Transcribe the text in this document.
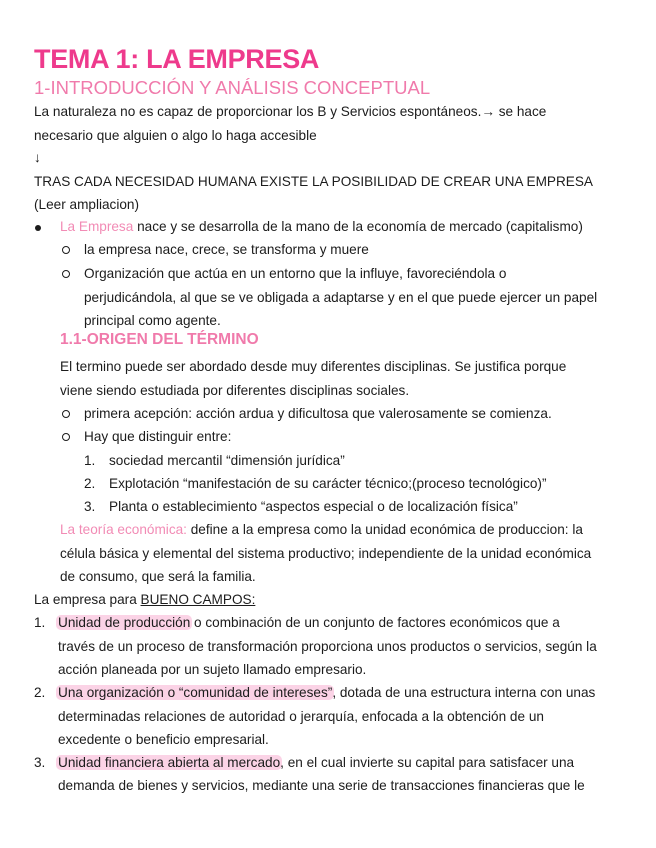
TEMA 1: LA EMPRESA
1-INTRODUCCIÓN Y ANÁLISIS CONCEPTUAL
La naturaleza no es capaz de proporcionar los B y Servicios espontáneos.→ se hace
necesario que alguien o algo lo haga accesible
↓
TRAS CADA NECESIDAD HUMANA EXISTE LA POSIBILIDAD DE CREAR UNA EMPRESA
(Leer ampliacion)
La Empresa nace y se desarrolla de la mano de la economía de mercado (capitalismo)
la empresa nace, crece, se transforma y muere
Organización que actúa en un entorno que la influye, favoreciéndola o
perjudicándola, al que se ve obligada a adaptarse y en el que puede ejercer un papel
principal como agente.
1.1-ORIGEN DEL TÉRMINO
El termino puede ser abordado desde muy diferentes disciplinas. Se justifica porque
viene siendo estudiada por diferentes disciplinas sociales.
primera acepción: acción ardua y dificultosa que valerosamente se comienza.
Hay que distinguir entre:
1. sociedad mercantil “dimensión jurídica”
2. Explotación “manifestación de su carácter técnico;(proceso tecnológico)”
3. Planta o establecimiento “aspectos especial o de localización física”
La teoría económica: define a la empresa como la unidad económica de produccion: la
célula básica y elemental del sistema productivo; independiente de la unidad económica
de consumo, que será la familia.
La empresa para BUENO CAMPOS:
1. Unidad de producción o combinación de un conjunto de factores económicos que a
través de un proceso de transformación proporciona unos productos o servicios, según la
acción planeada por un sujeto llamado empresario.
2. Una organización o “comunidad de intereses”, dotada de una estructura interna con unas
determinadas relaciones de autoridad o jerarquía, enfocada a la obtención de un
excedente o beneficio empresarial.
3. Unidad financiera abierta al mercado, en el cual invierte su capital para satisfacer una
demanda de bienes y servicios, mediante una serie de transacciones financieras que le
